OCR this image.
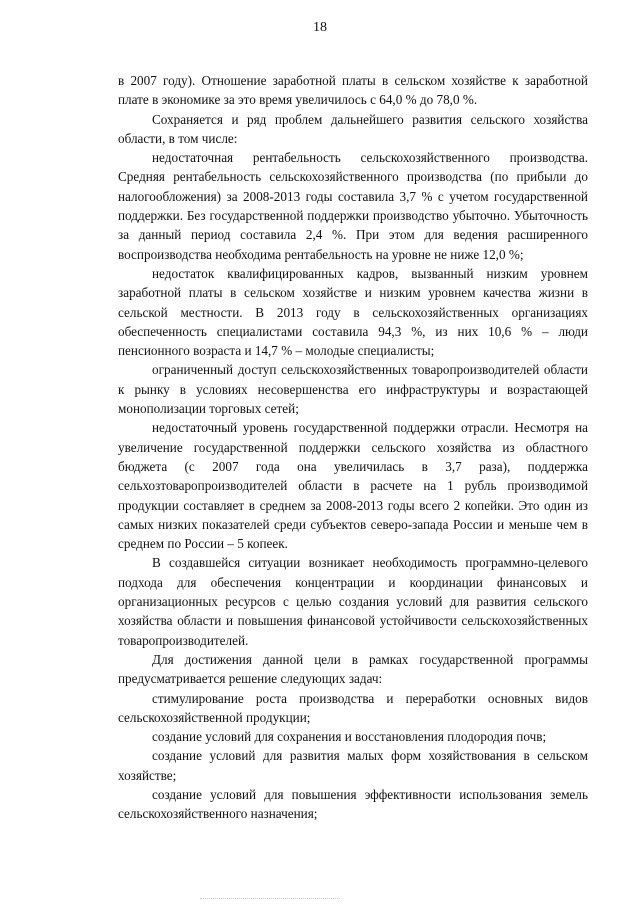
18

в 2007 году). Отношение заработной платы в сельском хозяйстве к заработной плате в экономике за это время увеличилось с 64,0 % до 78,0 %.

Сохраняется и ряд проблем дальнейшего развития сельского хозяйства области, в том числе:

недостаточная рентабельность сельскохозяйственного производства. Средняя рентабельность сельскохозяйственного производства (по прибыли до налогообложения) за 2008-2013 годы составила 3,7 % с учетом государственной поддержки. Без государственной поддержки производство убыточно. Убыточность за данный период составила 2,4 %. При этом для ведения расширенного воспроизводства необходима рентабельность на уровне не ниже 12,0 %;

недостаток квалифицированных кадров, вызванный низким уровнем заработной платы в сельском хозяйстве и низким уровнем качества жизни в сельской местности. В 2013 году в сельскохозяйственных организациях обеспеченность специалистами составила 94,3 %, из них 10,6 % – люди пенсионного возраста и 14,7 % – молодые специалисты;

ограниченный доступ сельскохозяйственных товаропроизводителей области к рынку в условиях несовершенства его инфраструктуры и возрастающей монополизации торговых сетей;

недостаточный уровень государственной поддержки отрасли. Несмотря на увеличение государственной поддержки сельского хозяйства из областного бюджета (с 2007 года она увеличилась в 3,7 раза), поддержка сельхозтоваропроизводителей области в расчете на 1 рубль производимой продукции составляет в среднем за 2008-2013 годы всего 2 копейки. Это один из самых низких показателей среди субъектов северо-запада России и меньше чем в среднем по России – 5 копеек.

В создавшейся ситуации возникает необходимость программно-целевого подхода для обеспечения концентрации и координации финансовых и организационных ресурсов с целью создания условий для развития сельского хозяйства области и повышения финансовой устойчивости сельскохозяйственных товаропроизводителей.

Для достижения данной цели в рамках государственной программы предусматривается решение следующих задач:

стимулирование роста производства и переработки основных видов сельскохозяйственной продукции;

создание условий для сохранения и восстановления плодородия почв;

создание условий для развития малых форм хозяйствования в сельском хозяйстве;

создание условий для повышения эффективности использования земель сельскохозяйственного назначения;
